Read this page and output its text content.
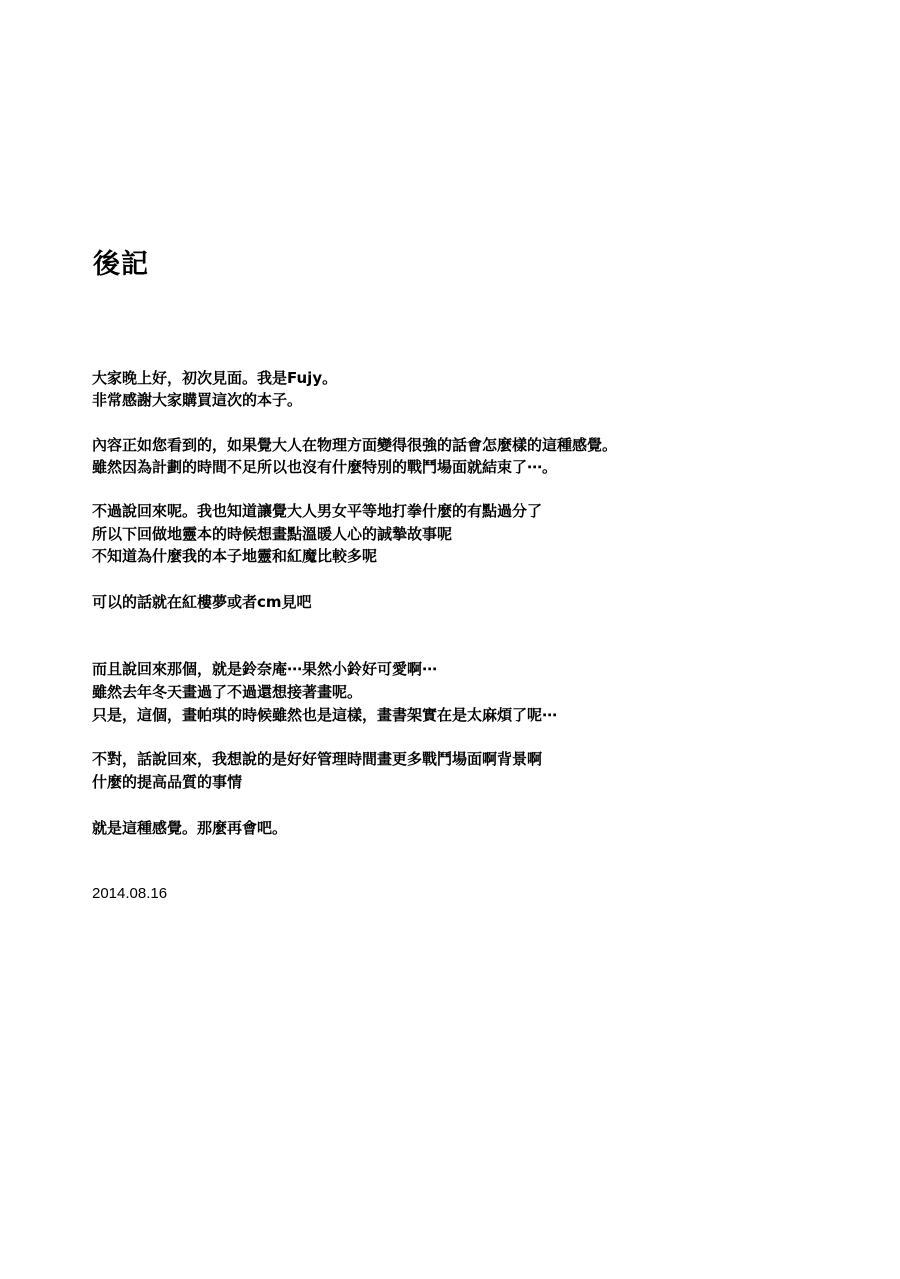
後記

大家晚上好，初次見面。我是Fujy。

非常感謝大家購買這次的本子。

內容正如您看到的，如果覺大人在物理方面變得很強的話會怎麼樣的這種感覺。

雖然因為計劃的時間不足所以也沒有什麼特別的戰鬥場面就結束了⋯。

不過說回來呢。我也知道讓覺大人男女平等地打拳什麼的有點過分了

所以下回做地靈本的時候想畫點溫暖人心的誠摯故事呢

不知道為什麼我的本子地靈和紅魔比較多呢

可以的話就在紅樓夢或者cm見吧

而且說回來那個，就是鈴奈庵⋯果然小鈴好可愛啊⋯

雖然去年冬天畫過了不過還想接著畫呢。

只是，這個，畫帕琪的時候雖然也是這樣，畫書架實在是太麻煩了呢⋯

不對，話說回來，我想說的是好好管理時間畫更多戰鬥場面啊背景啊

什麼的提高品質的事情

就是這種感覺。那麼再會吧。

2014.08.16
